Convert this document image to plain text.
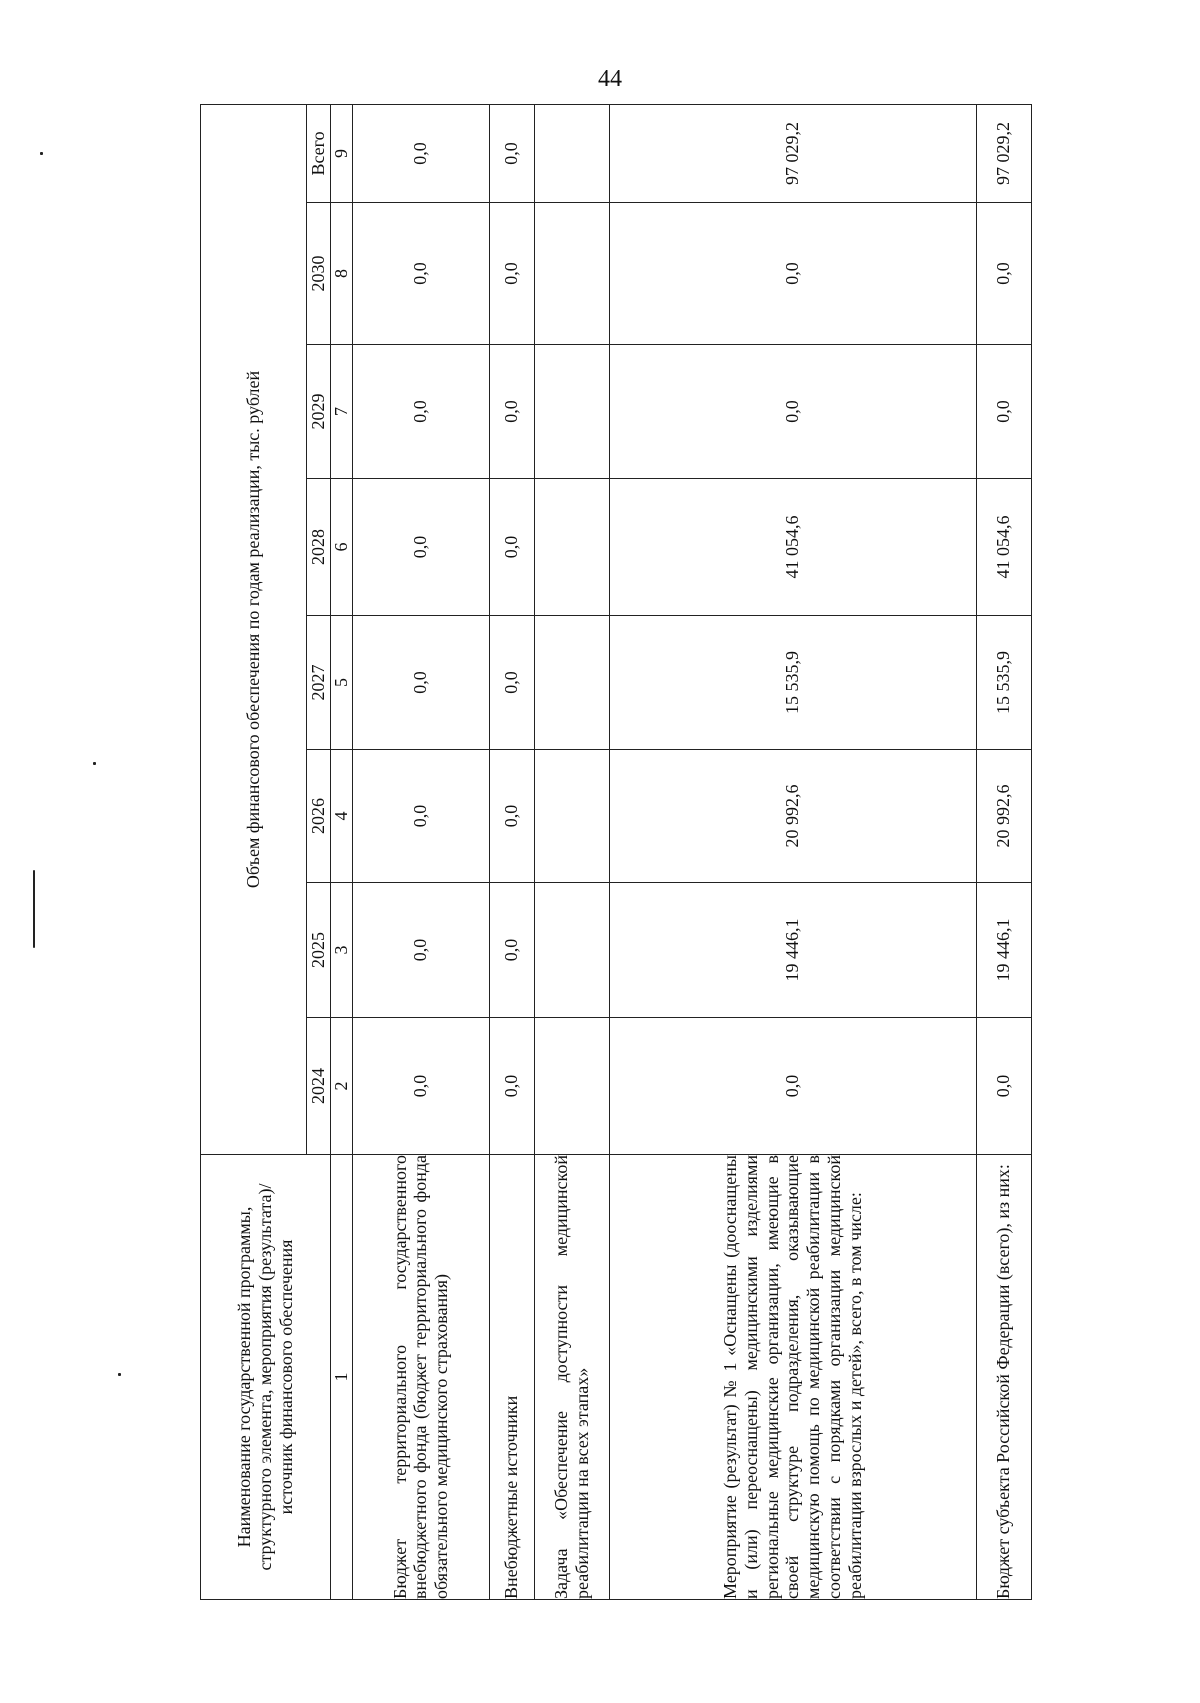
44
Наименование государственной программы, структурного элемента, мероприятия (результата)/источник финансового обеспечения	Объем финансового обеспечения по годам реализации, тыс. рублей							
	2024	2025	2026	2027	2028	2029	2030	Всего
1	2	3	4	5	6	7	8	9
Бюджет территориального государственного внебюджетного фонда (бюджет территориального фонда обязательного медицинского страхования)	0,0	0,0	0,0	0,0	0,0	0,0	0,0	0,0
Внебюджетные источники	0,0	0,0	0,0	0,0	0,0	0,0	0,0	0,0
Задача «Обеспечение доступности медицинской реабилитации на всех этапах»								
Мероприятие (результат) № 1 «Оснащены (дооснащены и (или) переоснащены) медицинскими изделиями региональные медицинские организации, имеющие в своей структуре подразделения, оказывающие медицинскую помощь по медицинской реабилитации в соответствии с порядками организации медицинской реабилитации взрослых и детей», всего, в том числе:	0,0	19 446,1	20 992,6	15 535,9	41 054,6	0,0	0,0	97 029,2
Бюджет субъекта Российской Федерации (всего), из них:	0,0	19 446,1	20 992,6	15 535,9	41 054,6	0,0	0,0	97 029,2
